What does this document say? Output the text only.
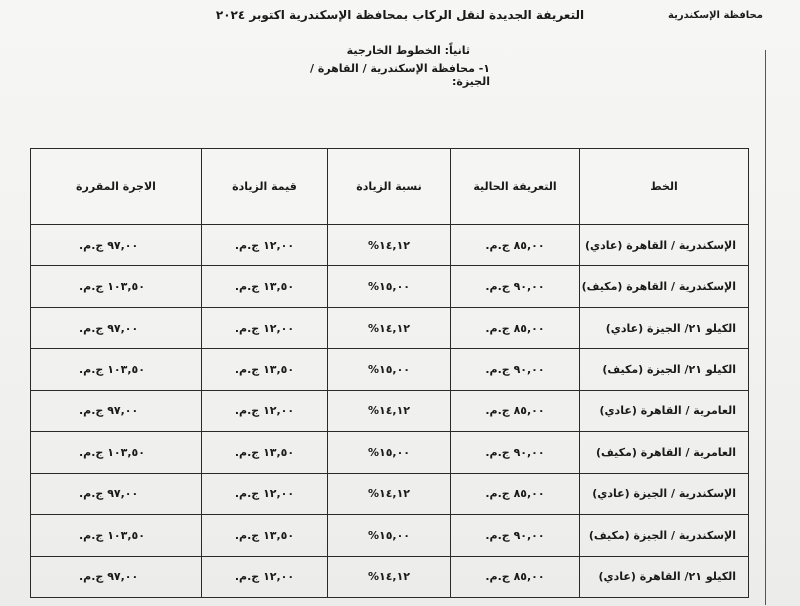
محافظة الإسكندرية
التعريفة الجديدة لنقل الركاب بمحافظة الإسكندرية اكتوبر ٢٠٢٤
ثانياً: الخطوط الخارجية
١- محافظة الإسكندرية / القاهرة / الجيزة:
الاجرة المقررة	قيمة الزيادة	نسبة الزيادة	التعريفة الحالية	الخط
٩٧,٠٠ ج.م.	١٢,٠٠ ج.م.	١٤,١٢%	٨٥,٠٠ ج.م.	الإسكندرية / القاهرة (عادي)
١٠٣,٥٠ ج.م.	١٣,٥٠ ج.م.	١٥,٠٠%	٩٠,٠٠ ج.م.	الإسكندرية / القاهرة (مكيف)
٩٧,٠٠ ج.م.	١٢,٠٠ ج.م.	١٤,١٢%	٨٥,٠٠ ج.م.	الكيلو ٢١/ الجيزة (عادي)
١٠٣,٥٠ ج.م.	١٣,٥٠ ج.م.	١٥,٠٠%	٩٠,٠٠ ج.م.	الكيلو ٢١/ الجيزة (مكيف)
٩٧,٠٠ ج.م.	١٢,٠٠ ج.م.	١٤,١٢%	٨٥,٠٠ ج.م.	العامرية / القاهرة (عادي)
١٠٣,٥٠ ج.م.	١٣,٥٠ ج.م.	١٥,٠٠%	٩٠,٠٠ ج.م.	العامرية / القاهرة (مكيف)
٩٧,٠٠ ج.م.	١٢,٠٠ ج.م.	١٤,١٢%	٨٥,٠٠ ج.م.	الإسكندرية / الجيزة (عادي)
١٠٣,٥٠ ج.م.	١٣,٥٠ ج.م.	١٥,٠٠%	٩٠,٠٠ ج.م.	الإسكندرية / الجيزة (مكيف)
٩٧,٠٠ ج.م.	١٢,٠٠ ج.م.	١٤,١٢%	٨٥,٠٠ ج.م.	الكيلو ٢١/ القاهرة (عادي)
